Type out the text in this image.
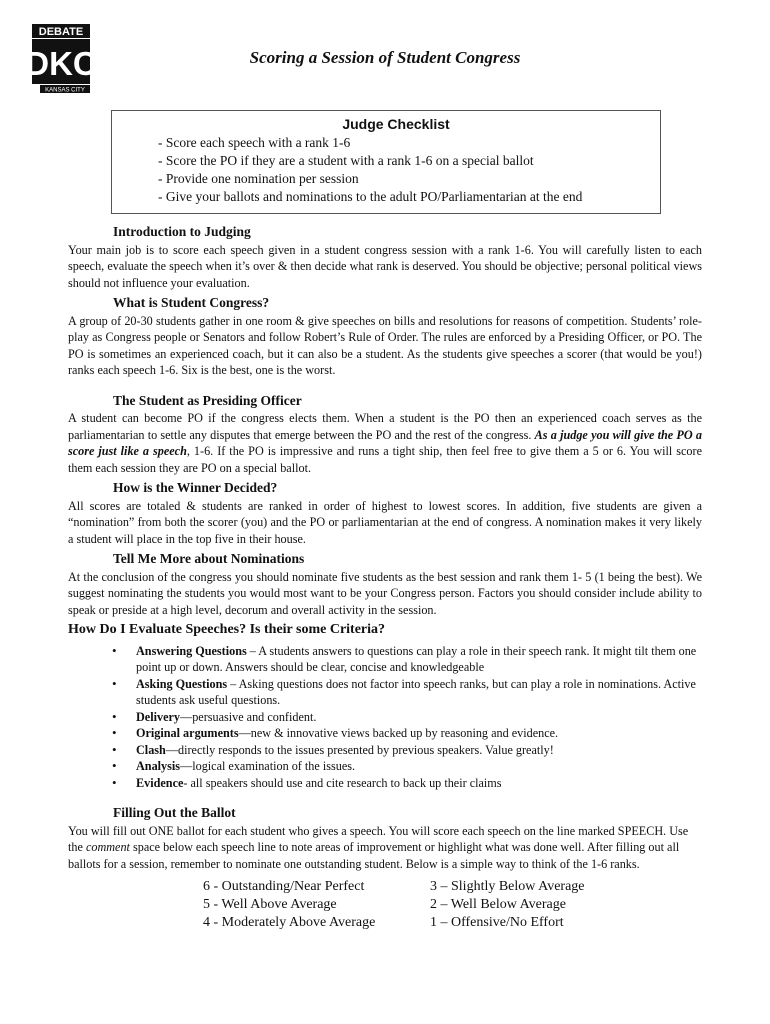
DEBATE
DKC
KANSAS CITY
Scoring a Session of Student Congress
Judge Checklist
- Score each speech with a rank 1-6
- Score the PO if they are a student with a rank 1-6 on a special ballot
- Provide one nomination per session
- Give your ballots and nominations to the adult PO/Parliamentarian at the end
Introduction to Judging

Your main job is to score each speech given in a student congress session with a rank 1-6. You will carefully listen to each speech, evaluate the speech when it’s over & then decide what rank is deserved. You should be objective; personal political views should not influence your evaluation.

What is Student Congress?

A group of 20-30 students gather in one room & give speeches on bills and resolutions for reasons of competition. Students’ role-play as Congress people or Senators and follow Robert’s Rule of Order. The rules are enforced by a Presiding Officer, or PO. The PO is sometimes an experienced coach, but it can also be a student. As the students give speeches a scorer (that would be you!) ranks each speech 1-6. Six is the best, one is the worst.

The Student as Presiding Officer

A student can become PO if the congress elects them. When a student is the PO then an experienced coach serves as the parliamentarian to settle any disputes that emerge between the PO and the rest of the congress. As a judge you will give the PO a score just like a speech, 1-6. If the PO is impressive and runs a tight ship, then feel free to give them a 5 or 6. You will score them each session they are PO on a special ballot.

How is the Winner Decided?

All scores are totaled & students are ranked in order of highest to lowest scores. In addition, five students are given a “nomination” from both the scorer (you) and the PO or parliamentarian at the end of congress. A nomination makes it very likely a student will place in the top five in their house.

Tell Me More about Nominations

At the conclusion of the congress you should nominate five students as the best session and rank them 1- 5 (1 being the best). We suggest nominating the students you would most want to be your Congress person. Factors you should consider include ability to speak or preside at a high level, decorum and overall activity in the session.

How Do I Evaluate Speeches? Is their some Criteria?
• Answering Questions – A students answers to questions can play a role in their speech rank. It might tilt them one point up or down. Answers should be clear, concise and knowledgeable
• Asking Questions – Asking questions does not factor into speech ranks, but can play a role in nominations. Active students ask useful questions.
• Delivery—persuasive and confident.
• Original arguments—new & innovative views backed up by reasoning and evidence.
• Clash—directly responds to the issues presented by previous speakers. Value greatly!
• Analysis—logical examination of the issues.
• Evidence- all speakers should use and cite research to back up their claims
Filling Out the Ballot

You will fill out ONE ballot for each student who gives a speech. You will score each speech on the line marked SPEECH. Use the comment space below each speech line to note areas of improvement or highlight what was done well. After filling out all ballots for a session, remember to nominate one outstanding student. Below is a simple way to think of the 1-6 ranks.

6 - Outstanding/Near Perfect
5 - Well Above Average
4 - Moderately Above Average
3 – Slightly Below Average
2 – Well Below Average
1 – Offensive/No Effort
